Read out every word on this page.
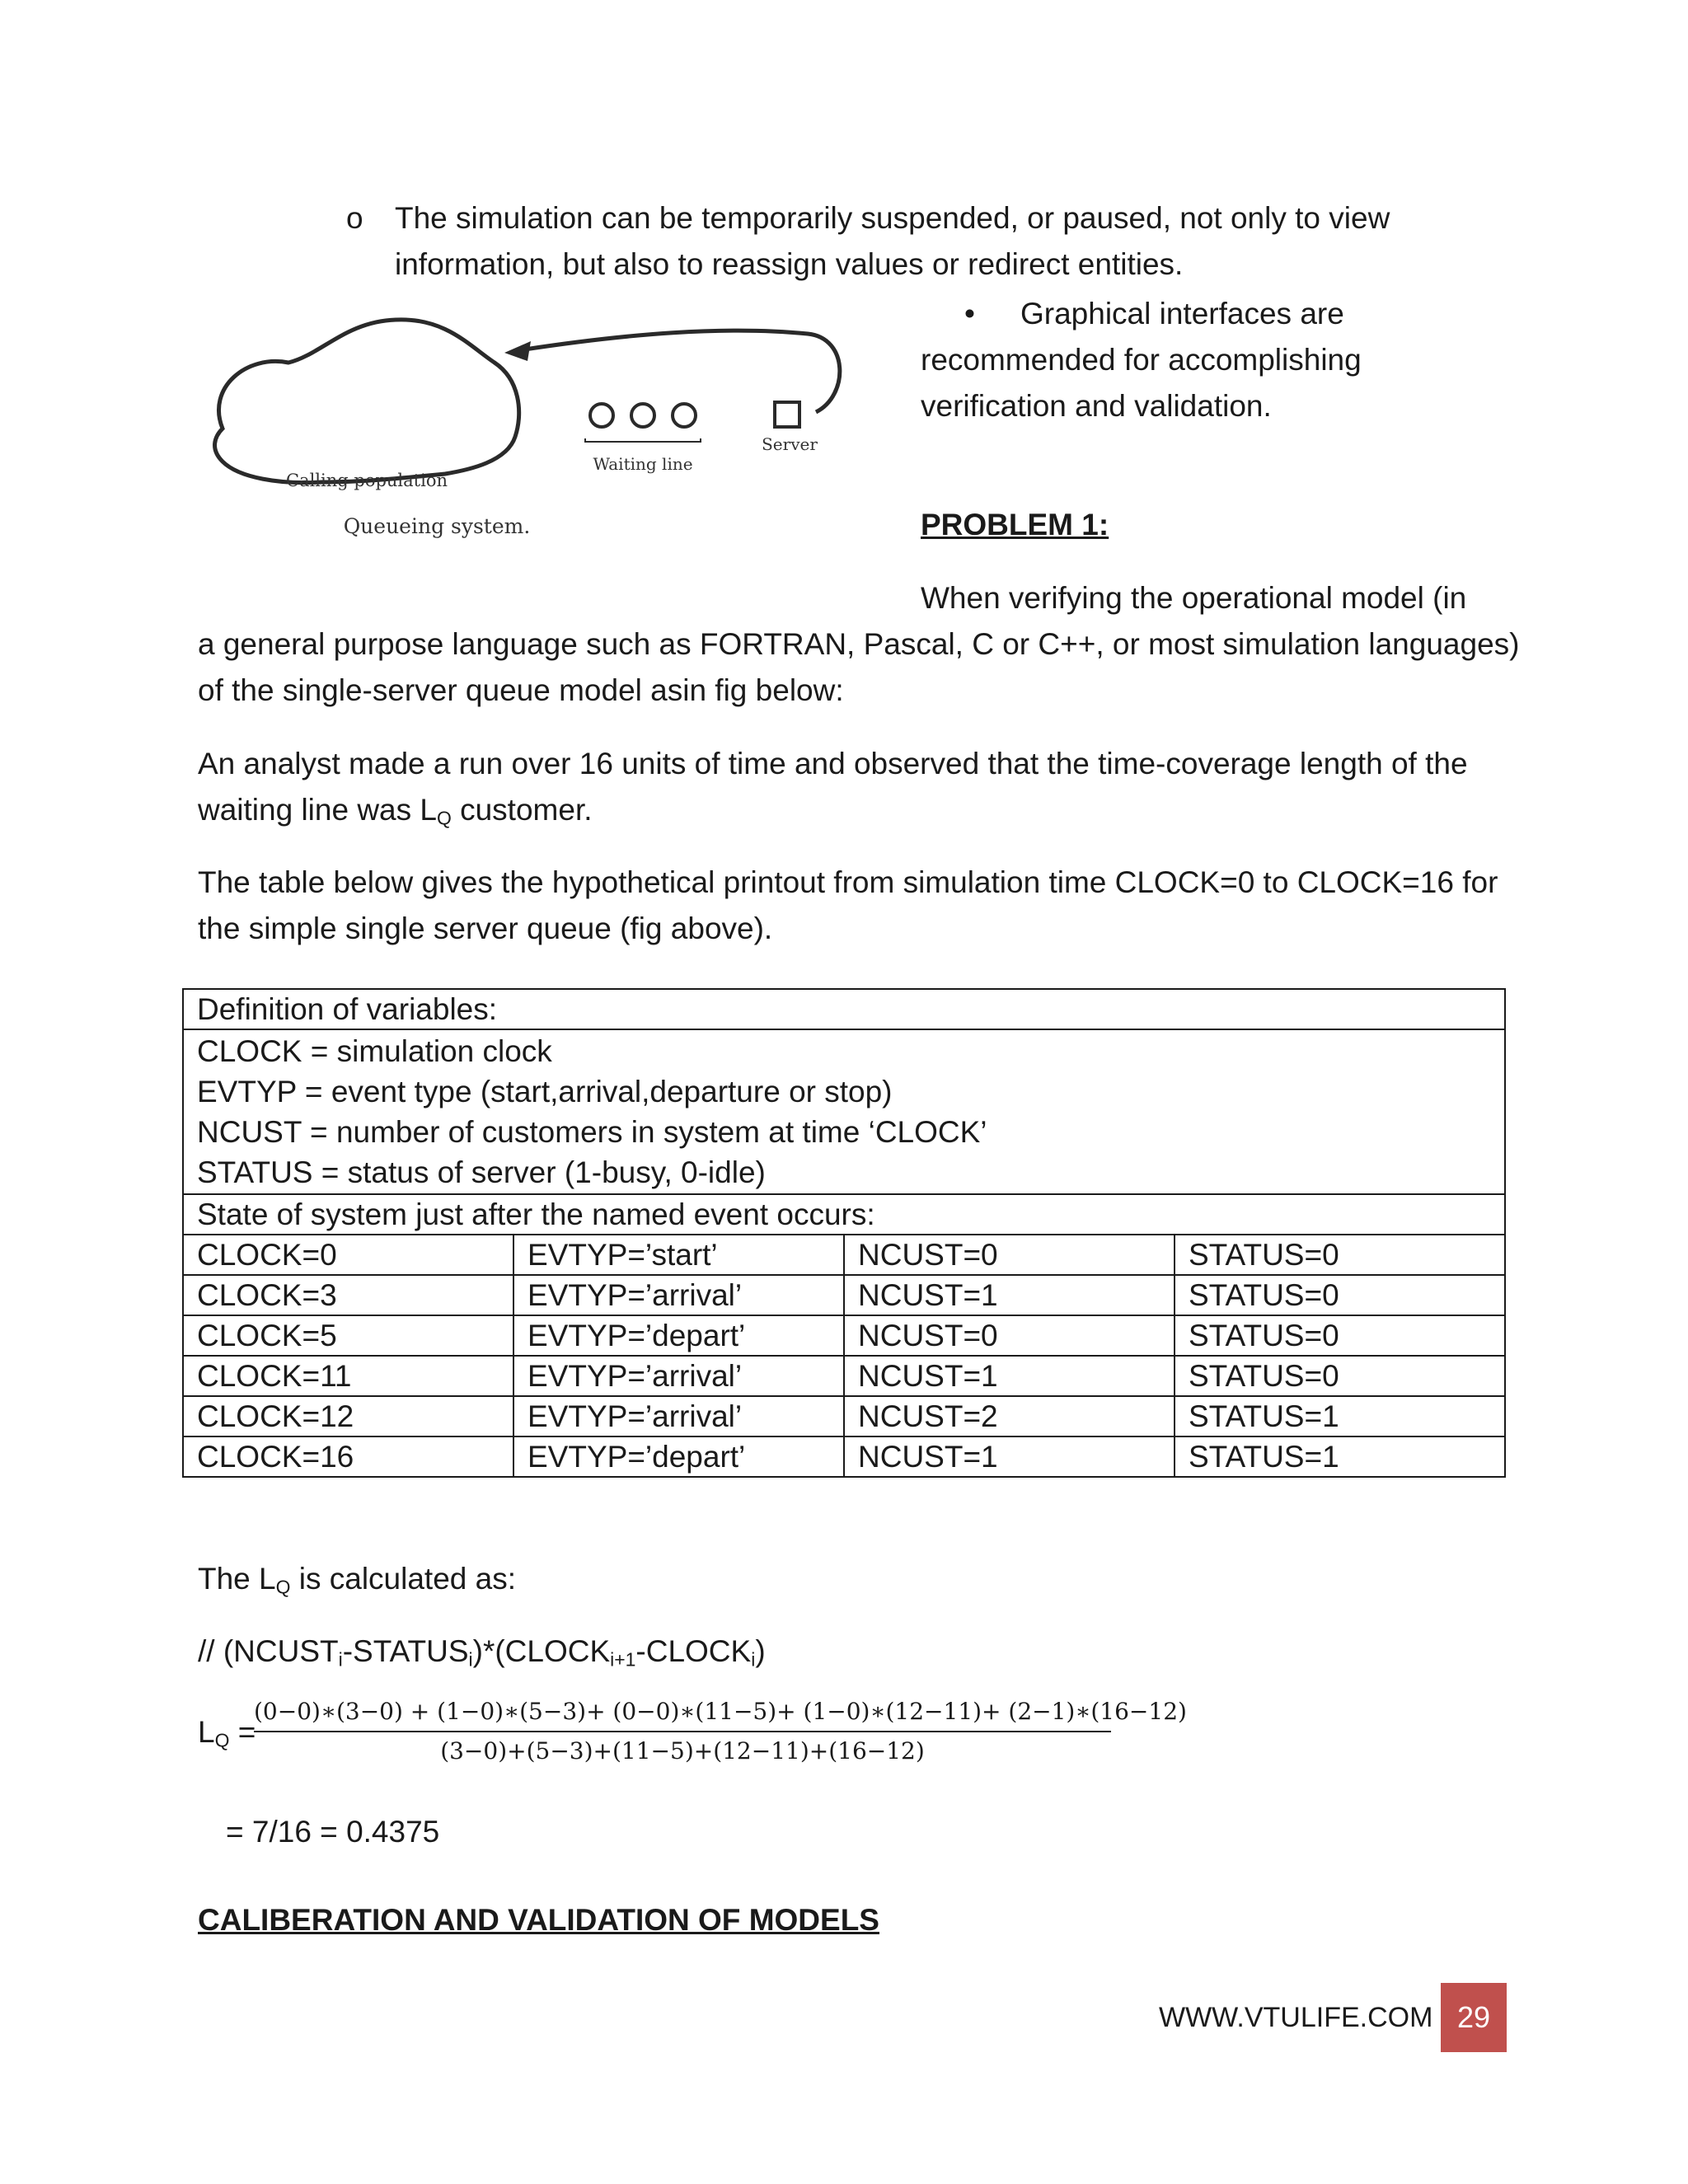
o The simulation can be temporarily suspended, or paused, not only to view
information, but also to reassign values or redirect entities.
Waiting line
Server
Calling population
Queueing system.
• Graphical interfaces are
recommended for accomplishing
verification and validation.
PROBLEM 1:
When verifying the operational model (in
a general purpose language such as FORTRAN, Pascal, C or C++, or most simulation languages)
of the single-server queue model asin fig below:
An analyst made a run over 16 units of time and observed that the time-coverage length of the
waiting line was $L_Q$ customer.
The table below gives the hypothetical printout from simulation time CLOCK=0 to CLOCK=16 for
the simple single server queue (fig above).
Definition of variables:			

CLOCK = simulation clock
EVTYP = event type (start,arrival,departure or stop)
NCUST = number of customers in system at time ‘CLOCK’
STATUS = status of server (1-busy, 0-idle)			

State of system just after the named event occurs:			
CLOCK=0	EVTYP=’start’	NCUST=0	STATUS=0
CLOCK=3	EVTYP=’arrival’	NCUST=1	STATUS=0
CLOCK=5	EVTYP=’depart’	NCUST=0	STATUS=0
CLOCK=11	EVTYP=’arrival’	NCUST=1	STATUS=0
CLOCK=12	EVTYP=’arrival’	NCUST=2	STATUS=1
CLOCK=16	EVTYP=’depart’	NCUST=1	STATUS=1
The $L_Q$ is calculated as:
// $(NCUST_i-STATUS_i)*(CLOCK_{i+1}-CLOCK_i)$
$L_Q$ =
(0−0)∗(3−0) + (1−0)∗(5−3)+ (0−0)∗(11−5)+ (1−0)∗(12−11)+ (2−1)∗(16−12)
(3−0)+(5−3)+(11−5)+(12−11)+(16−12)
= 7/16 = 0.4375
CALIBERATION AND VALIDATION OF MODELS
WWW.VTULIFE.COM 29
